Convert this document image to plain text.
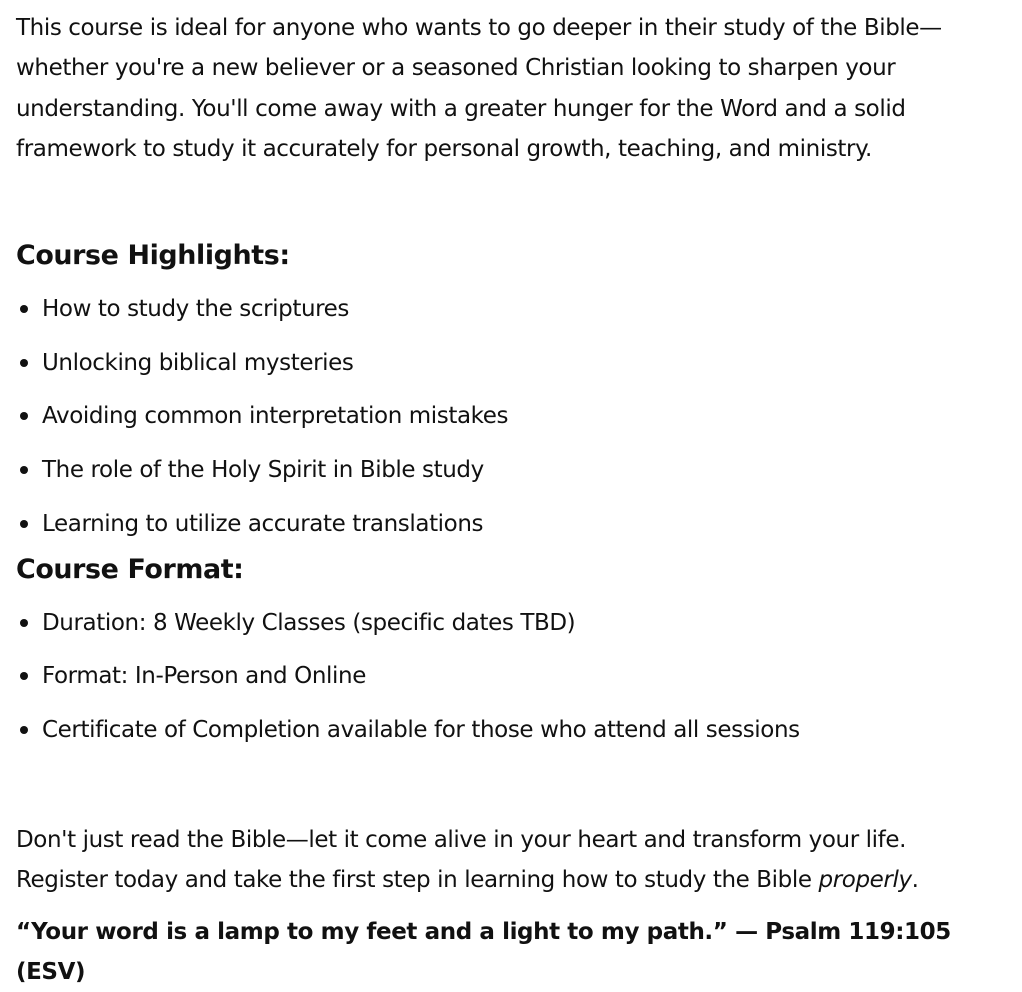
This course is ideal for anyone who wants to go deeper in their study of the Bible—whether you're a new believer or a seasoned Christian looking to sharpen your understanding. You'll come away with a greater hunger for the Word and a solid framework to study it accurately for personal growth, teaching, and ministry.

Course Highlights:
How to study the scriptures
Unlocking biblical mysteries
Avoiding common interpretation mistakes
The role of the Holy Spirit in Bible study
Learning to utilize accurate translations
Course Format:
Duration: 8 Weekly Classes (specific dates TBD)
Format: In-Person and Online
Certificate of Completion available for those who attend all sessions

Don't just read the Bible—let it come alive in your heart and transform your life.
Register today and take the first step in learning how to study the Bible properly.

“Your word is a lamp to my feet and a light to my path.” — Psalm 119:105 (ESV)
